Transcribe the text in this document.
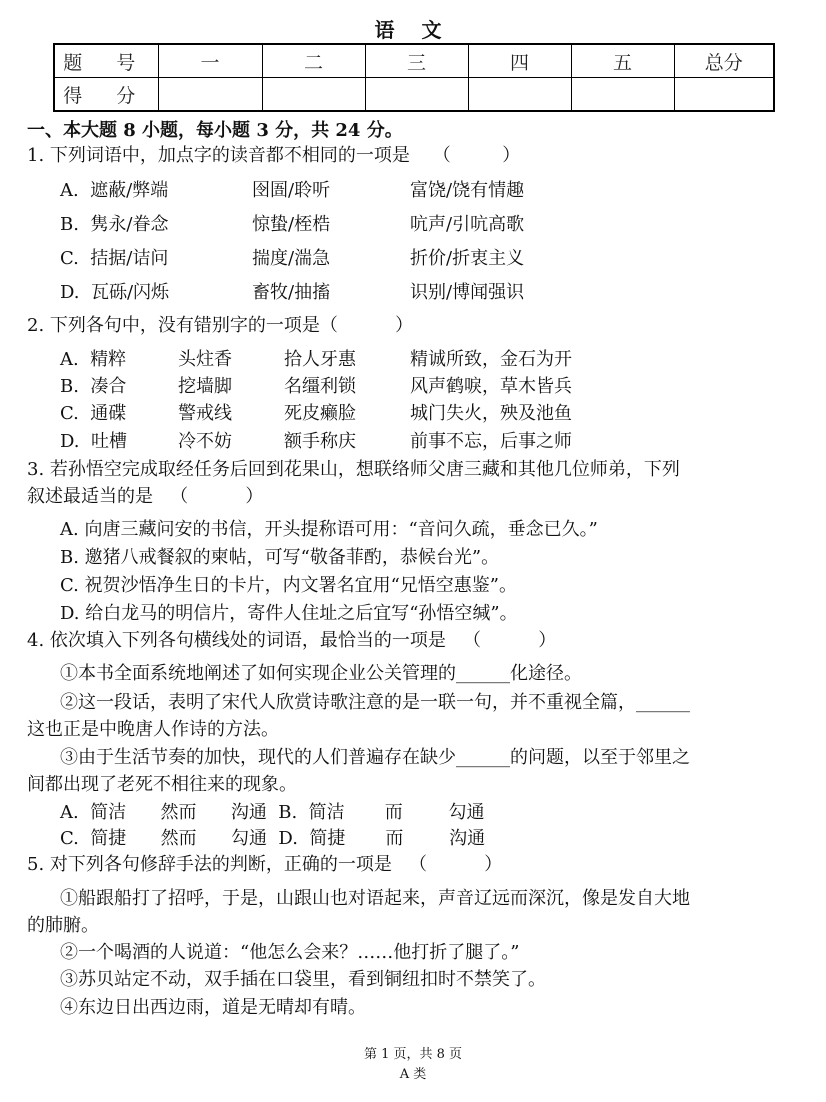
语 文
题 号	一	二	三	四	五	总分
得 分						
一、本大题 8 小题，每小题 3 分，共 24 分。
1. 下列词语中，加点字的读音都不相同的一项是    （         ）
A.  遮蔽/弊端	囹圄/聆听	富饶/饶有情趣
B.  隽永/眷念	惊蛰/桎梏	吭声/引吭高歌
C.  拮据/诘问	揣度/湍急	折价/折衷主义
D.  瓦砾/闪烁	畜牧/抽搐	识别/博闻强识
2. 下列各句中，没有错别字的一项是（          ）
A.  精粹	头炷香	拾人牙惠	精诚所致，金石为开
B.  凑合	挖墙脚	名缰利锁	风声鹤唳，草木皆兵
C.  通碟	警戒线	死皮癞脸	城门失火，殃及池鱼
D.  吐槽	冷不妨	额手称庆	前事不忘，后事之师
3. 若孙悟空完成取经任务后回到花果山，想联络师父唐三藏和其他几位师弟，下列
叙述最适当的是   （          ）
A. 向唐三藏问安的书信，开头提称语可用：“音问久疏，垂念已久。”
B. 邀猪八戒餐叙的柬帖，可写“敬备菲酌，恭候台光”。
C. 祝贺沙悟净生日的卡片，内文署名宜用“兄悟空惠鉴”。
D. 给白龙马的明信片，寄件人住址之后宜写“孙悟空缄”。
4. 依次填入下列各句横线处的词语，最恰当的一项是   （          ）
①本书全面系统地阐述了如何实现企业公关管理的______化途径。
②这一段话，表明了宋代人欣赏诗歌注意的是一联一句，并不重视全篇，______
这也正是中晚唐人作诗的方法。
③由于生活节奏的加快，现代的人们普遍存在缺少______的问题，以至于邻里之
间都出现了老死不相往来的现象。
A.  简洁      然而      沟通  B.  简洁       而        勾通
C.  简捷      然而      勾通  D.  简捷       而        沟通
5. 对下列各句修辞手法的判断，正确的一项是   （          ）
①船跟船打了招呼，于是，山跟山也对语起来，声音辽远而深沉，像是发自大地
的肺腑。
②一个喝酒的人说道：“他怎么会来？……他打折了腿了。”
③苏贝站定不动，双手插在口袋里，看到铜纽扣时不禁笑了。
④东边日出西边雨，道是无晴却有晴。
第 1 页，共 8 页
A 类
